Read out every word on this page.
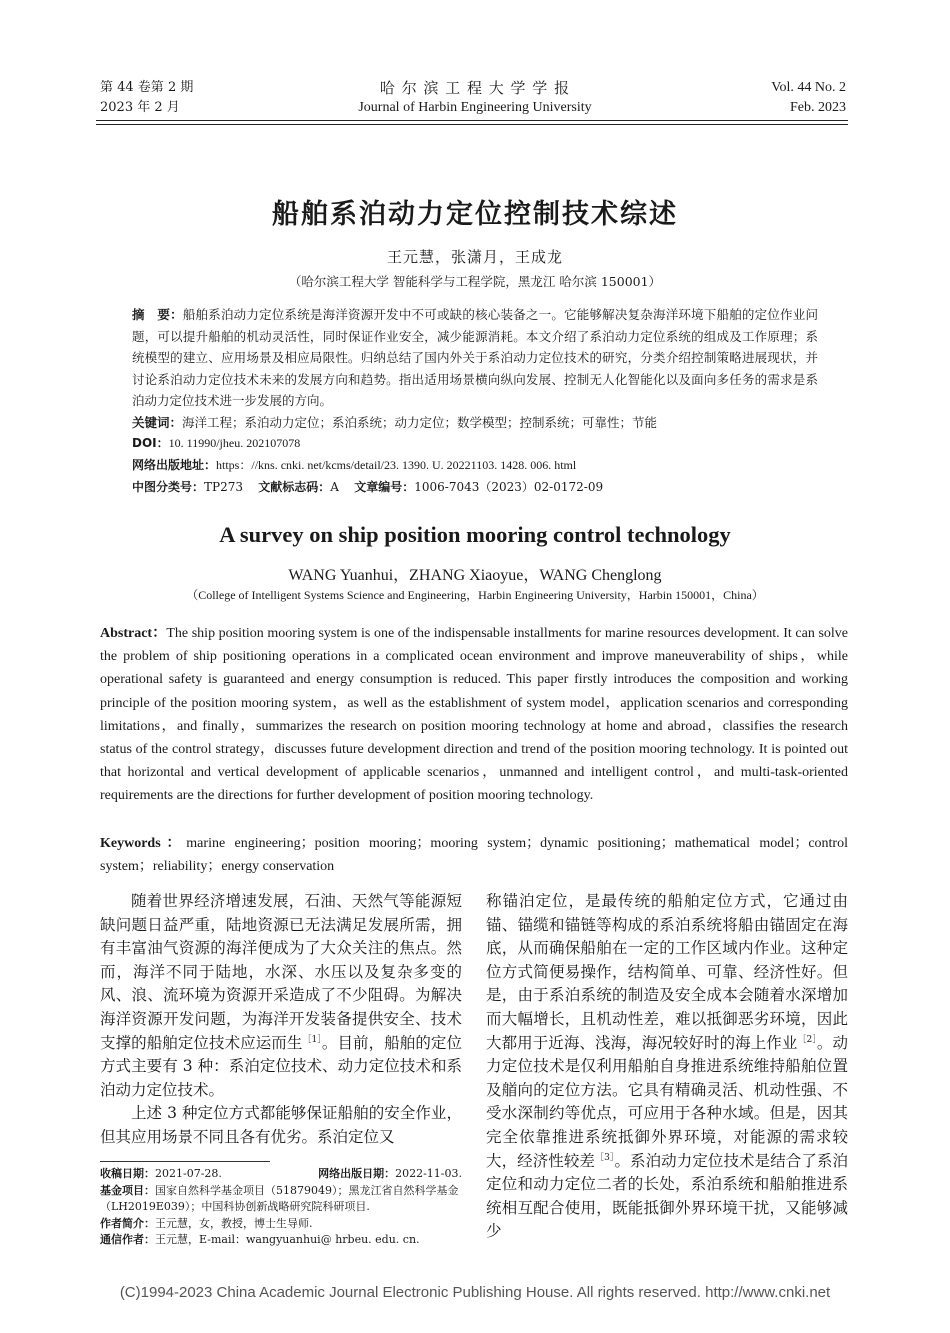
第 44 卷第 2 期
2023 年 2 月
哈 尔 滨 工 程 大 学 学 报
Journal of Harbin Engineering University
Vol. 44 No. 2
Feb. 2023
船舶系泊动力定位控制技术综述
王元慧，张潇月，王成龙
（哈尔滨工程大学 智能科学与工程学院，黑龙江 哈尔滨 150001）
摘　要：船舶系泊动力定位系统是海洋资源开发中不可或缺的核心装备之一。它能够解决复杂海洋环境下船舶的定位作业问题，可以提升船舶的机动灵活性，同时保证作业安全，减少能源消耗。本文介绍了系泊动力定位系统的组成及工作原理；系统模型的建立、应用场景及相应局限性。归纳总结了国内外关于系泊动力定位技术的研究，分类介绍控制策略进展现状，并讨论系泊动力定位技术未来的发展方向和趋势。指出适用场景横向纵向发展、控制无人化智能化以及面向多任务的需求是系泊动力定位技术进一步发展的方向。
关键词：海洋工程；系泊动力定位；系泊系统；动力定位；数学模型；控制系统；可靠性；节能
DOI：10. 11990/jheu. 202107078
网络出版地址：https：//kns. cnki. net/kcms/detail/23. 1390. U. 20221103. 1428. 006. html
中图分类号：TP273 文献标志码：A 文章编号：1006-7043（2023）02-0172-09
A survey on ship position mooring control technology
WANG Yuanhui，ZHANG Xiaoyue，WANG Chenglong
（College of Intelligent Systems Science and Engineering，Harbin Engineering University，Harbin 150001，China）
Abstract：The ship position mooring system is one of the indispensable installments for marine resources development. It can solve the problem of ship positioning operations in a complicated ocean environment and improve maneuverability of ships，while operational safety is guaranteed and energy consumption is reduced. This paper firstly introduces the composition and working principle of the position mooring system，as well as the establishment of system model，application scenarios and corresponding limitations，and finally，summarizes the research on position mooring technology at home and abroad，classifies the research status of the control strategy，discusses future development direction and trend of the position mooring technology. It is pointed out that horizontal and vertical development of applicable scenarios，unmanned and intelligent control，and multi-task-oriented requirements are the directions for further development of position mooring technology.
Keywords：marine engineering；position mooring；mooring system；dynamic positioning；mathematical model；control system；reliability；energy conservation

随着世界经济增速发展，石油、天然气等能源短缺问题日益严重，陆地资源已无法满足发展所需，拥有丰富油气资源的海洋便成为了大众关注的焦点。然而，海洋不同于陆地，水深、水压以及复杂多变的风、浪、流环境为资源开采造成了不少阻碍。为解决海洋资源开发问题，为海洋开发装备提供安全、技术支撑的船舶定位技术应运而生$^{[1]}$。目前，船舶的定位方式主要有 3 种：系泊定位技术、动力定位技术和系泊动力定位技术。

上述 3 种定位方式都能够保证船舶的安全作业，但其应用场景不同且各有优劣。系泊定位又

称锚泊定位，是最传统的船舶定位方式，它通过由锚、锚缆和锚链等构成的系泊系统将船由锚固定在海底，从而确保船舶在一定的工作区域内作业。这种定位方式简便易操作，结构简单、可靠、经济性好。但是，由于系泊系统的制造及安全成本会随着水深增加而大幅增长，且机动性差，难以抵御恶劣环境，因此大都用于近海、浅海，海况较好时的海上作业$^{[2]}$。动力定位技术是仅利用船舶自身推进系统维持船舶位置及艏向的定位方法。它具有精确灵活、机动性强、不受水深制约等优点，可应用于各种水域。但是，因其完全依靠推进系统抵御外界环境，对能源的需求较大，经济性较差$^{[3]}$。系泊动力定位技术是结合了系泊定位和动力定位二者的长处，系泊系统和船舶推进系统相互配合使用，既能抵御外界环境干扰，又能够减少

收稿日期：2021-07-28.	网络出版日期：2022-11-03.
基金项目：国家自然科学基金项目（51879049）；黑龙江省自然科学基金（LH2019E039）；中国科协创新战略研究院科研项目.
作者简介：王元慧，女，教授，博士生导师.
通信作者：王元慧，E-mail：wangyuanhui@ hrbeu. edu. cn.
(C)1994-2023 China Academic Journal Electronic Publishing House. All rights reserved. http://www.cnki.net
